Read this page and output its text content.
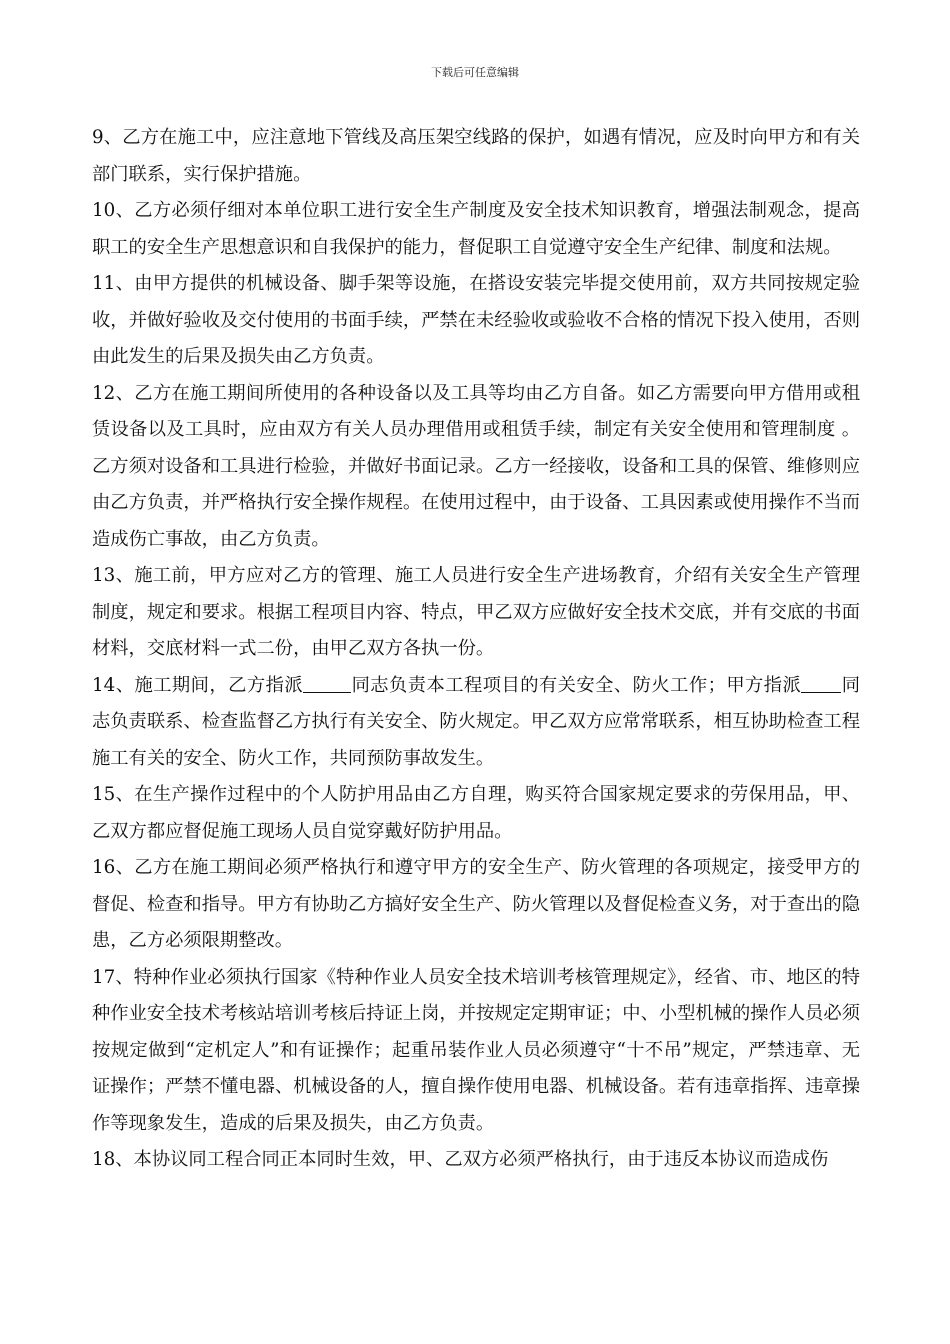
下载后可任意编辑

9、乙方在施工中，应注意地下管线及高压架空线路的保护，如遇有情况，应及时向甲方和有关部门联系，实行保护措施。

10、乙方必须仔细对本单位职工进行安全生产制度及安全技术知识教育，增强法制观念，提高职工的安全生产思想意识和自我保护的能力，督促职工自觉遵守安全生产纪律、制度和法规。

11、由甲方提供的机械设备、脚手架等设施，在搭设安装完毕提交使用前，双方共同按规定验收，并做好验收及交付使用的书面手续，严禁在未经验收或验收不合格的情况下投入使用，否则由此发生的后果及损失由乙方负责。

12、乙方在施工期间所使用的各种设备以及工具等均由乙方自备。如乙方需要向甲方借用或租赁设备以及工具时，应由双方有关人员办理借用或租赁手续，制定有关安全使用和管理制度 。乙方须对设备和工具进行检验，并做好书面记录。乙方一经接收，设备和工具的保管、维修则应由乙方负责，并严格执行安全操作规程。在使用过程中，由于设备、工具因素或使用操作不当而造成伤亡事故，由乙方负责。

13、施工前，甲方应对乙方的管理、施工人员进行安全生产进场教育，介绍有关安全生产管理制度，规定和要求。根据工程项目内容、特点，甲乙双方应做好安全技术交底，并有交底的书面材料，交底材料一式二份，由甲乙双方各执一份。

14、施工期间，乙方指派	同志负责本工程项目的有关安全、防火工作；甲方指派 同志负责联系、检查监督乙方执行有关安全、防火规定。甲乙双方应常常联系，相互协助检查工程施工有关的安全、防火工作，共同预防事故发生。

15、在生产操作过程中的个人防护用品由乙方自理，购买符合国家规定要求的劳保用品，甲、乙双方都应督促施工现场人员自觉穿戴好防护用品。

16、乙方在施工期间必须严格执行和遵守甲方的安全生产、防火管理的各项规定，接受甲方的督促、检查和指导。甲方有协助乙方搞好安全生产、防火管理以及督促检查义务，对于查出的隐患，乙方必须限期整改。

17、特种作业必须执行国家《特种作业人员安全技术培训考核管理规定》，经省、市、地区的特种作业安全技术考核站培训考核后持证上岗，并按规定定期审证；中、小型机械的操作人员必须按规定做到“定机定人”和有证操作；起重吊装作业人员必须遵守“十不吊”规定，严禁违章、无证操作；严禁不懂电器、机械设备的人，擅自操作使用电器、机械设备。若有违章指挥、违章操作等现象发生，造成的后果及损失，由乙方负责。

18、本协议同工程合同正本同时生效，甲、乙双方必须严格执行，由于违反本协议而造成伤
